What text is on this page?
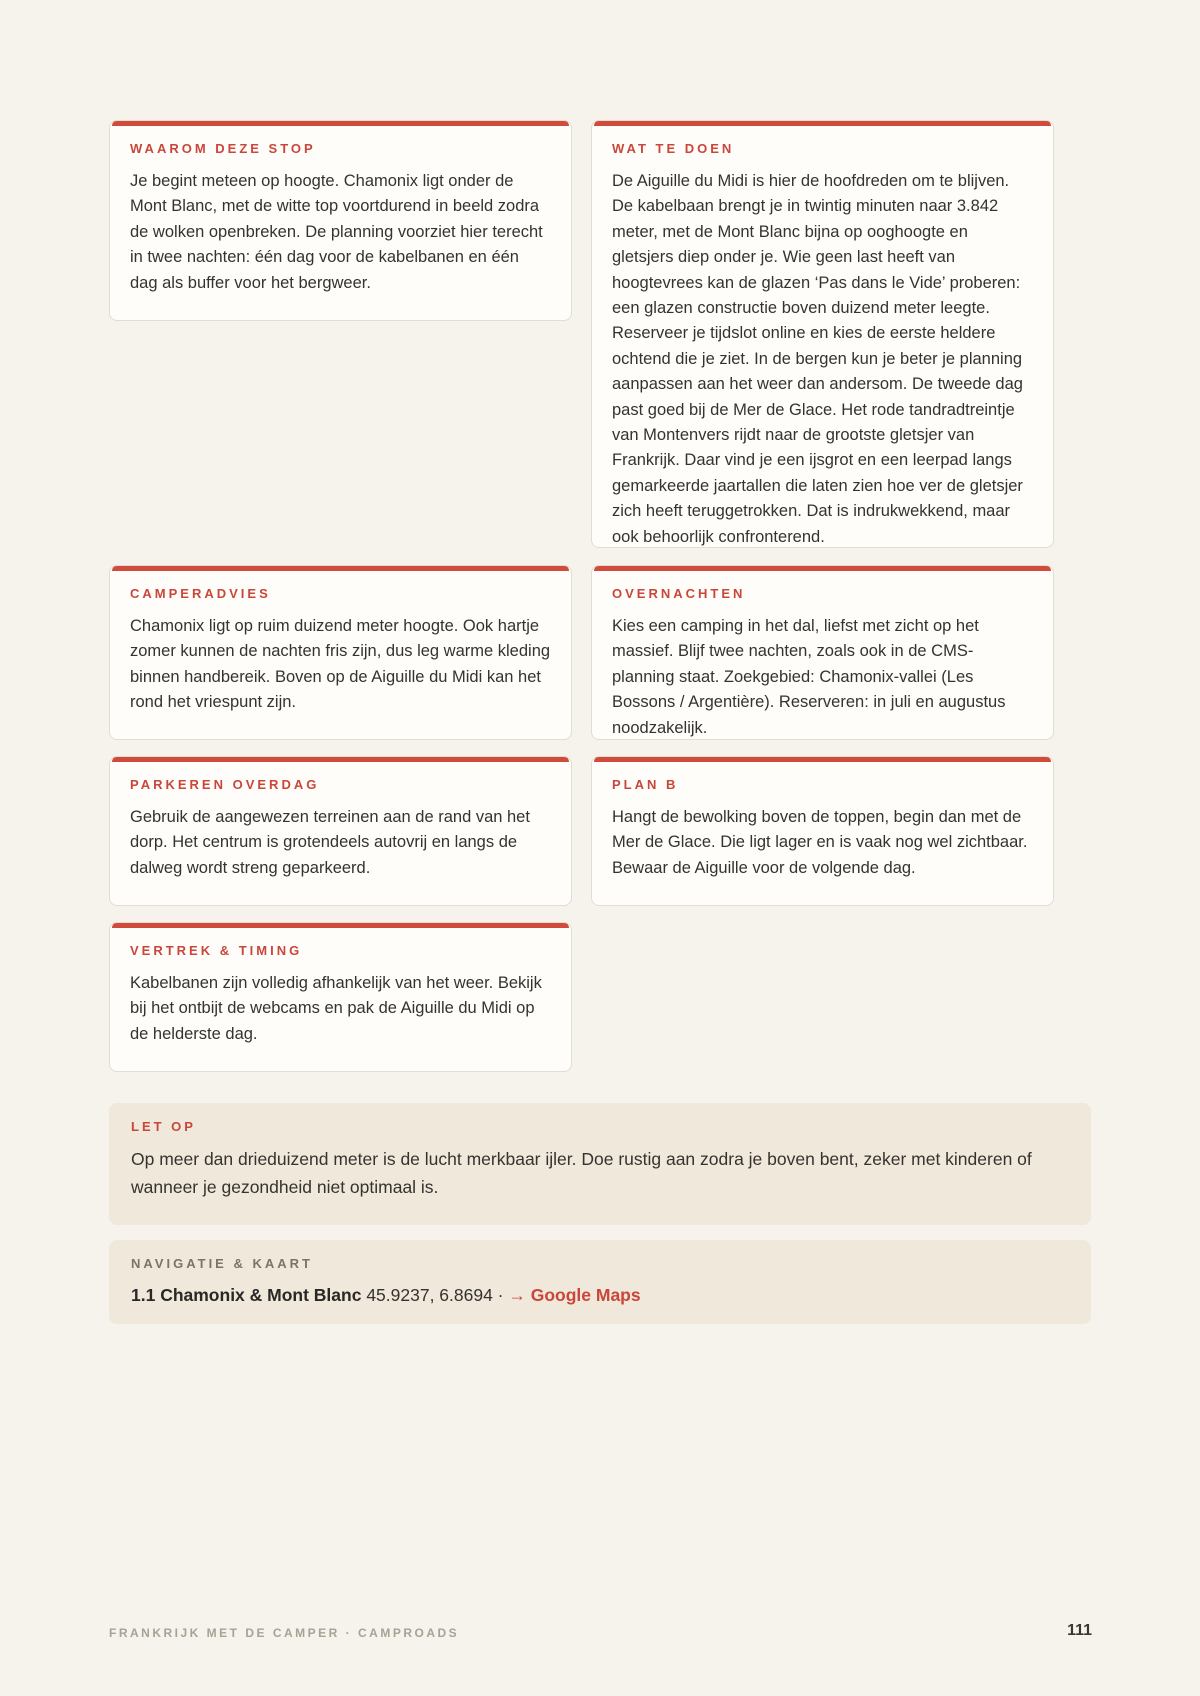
WAAROM DEZE STOP

Je begint meteen op hoogte. Chamonix ligt onder de Mont Blanc, met de witte top voortdurend in beeld zodra de wolken openbreken. De planning voorziet hier terecht in twee nachten: één dag voor de kabelbanen en één dag als buffer voor het bergweer.

WAT TE DOEN

De Aiguille du Midi is hier de hoofdreden om te blijven. De kabelbaan brengt je in twintig minuten naar 3.842 meter, met de Mont Blanc bijna op ooghoogte en gletsjers diep onder je. Wie geen last heeft van hoogtevrees kan de glazen ‘Pas dans le Vide’ proberen: een glazen constructie boven duizend meter leegte. Reserveer je tijdslot online en kies de eerste heldere ochtend die je ziet. In de bergen kun je beter je planning aanpassen aan het weer dan andersom. De tweede dag past goed bij de Mer de Glace. Het rode tandradtreintje van Montenvers rijdt naar de grootste gletsjer van Frankrijk. Daar vind je een ijsgrot en een leerpad langs gemarkeerde jaartallen die laten zien hoe ver de gletsjer zich heeft teruggetrokken. Dat is indrukwekkend, maar ook behoorlijk confronterend.

CAMPERADVIES

Chamonix ligt op ruim duizend meter hoogte. Ook hartje zomer kunnen de nachten fris zijn, dus leg warme kleding binnen handbereik. Boven op de Aiguille du Midi kan het rond het vriespunt zijn.

OVERNACHTEN

Kies een camping in het dal, liefst met zicht op het massief. Blijf twee nachten, zoals ook in de CMS-planning staat. Zoekgebied: Chamonix-vallei (Les Bossons / Argentière). Reserveren: in juli en augustus noodzakelijk.

PARKEREN OVERDAG

Gebruik de aangewezen terreinen aan de rand van het dorp. Het centrum is grotendeels autovrij en langs de dalweg wordt streng geparkeerd.

PLAN B

Hangt de bewolking boven de toppen, begin dan met de Mer de Glace. Die ligt lager en is vaak nog wel zichtbaar. Bewaar de Aiguille voor de volgende dag.

VERTREK & TIMING

Kabelbanen zijn volledig afhankelijk van het weer. Bekijk bij het ontbijt de webcams en pak de Aiguille du Midi op de helderste dag.

LET OP

Op meer dan drieduizend meter is de lucht merkbaar ijler. Doe rustig aan zodra je boven bent, zeker met kinderen of wanneer je gezondheid niet optimaal is.

NAVIGATIE & KAART

1.1 Chamonix & Mont Blanc 45.9237, 6.8694 · → Google Maps

FRANKRIJK MET DE CAMPER · CAMPROADS	111
